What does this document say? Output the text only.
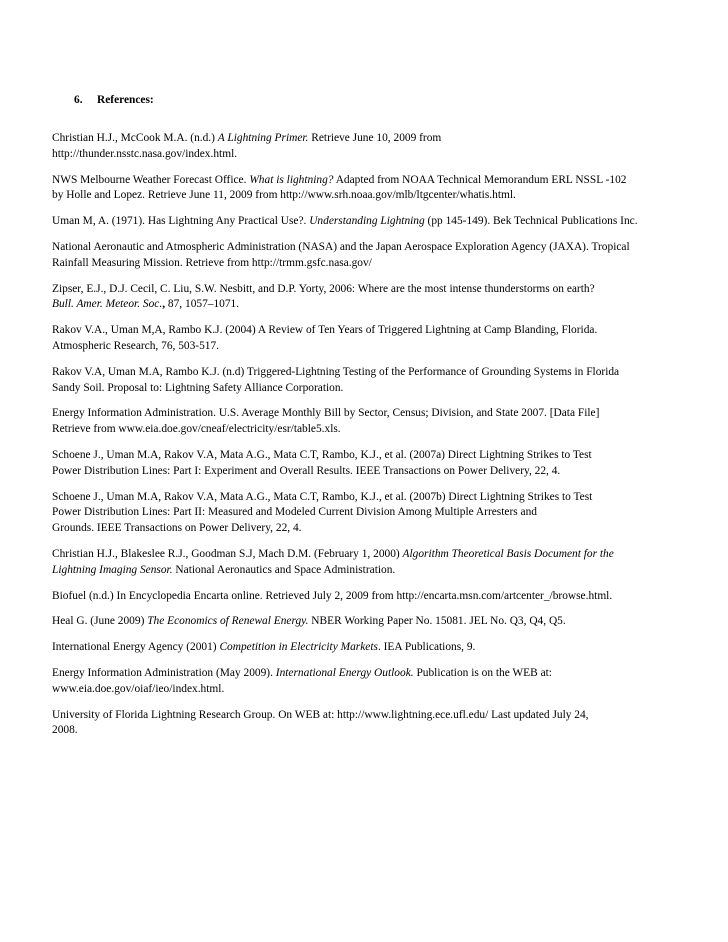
6. References:
Christian H.J., McCook M.A. (n.d.) A Lightning Primer. Retrieve June 10, 2009 from
http://thunder.nsstc.nasa.gov/index.html.
NWS Melbourne Weather Forecast Office. What is lightning? Adapted from NOAA Technical Memorandum ERL NSSL -102
by Holle and Lopez. Retrieve June 11, 2009 from http://www.srh.noaa.gov/mlb/ltgcenter/whatis.html.
Uman M, A. (1971). Has Lightning Any Practical Use?. Understanding Lightning (pp 145-149). Bek Technical Publications Inc.
National Aeronautic and Atmospheric Administration (NASA) and the Japan Aerospace Exploration Agency (JAXA). Tropical
Rainfall Measuring Mission. Retrieve from http://trmm.gsfc.nasa.gov/
Zipser, E.J., D.J. Cecil, C. Liu, S.W. Nesbitt, and D.P. Yorty, 2006: Where are the most intense thunderstorms on earth?
Bull. Amer. Meteor. Soc., 87, 1057–1071.
Rakov V.A., Uman M,A, Rambo K.J. (2004) A Review of Ten Years of Triggered Lightning at Camp Blanding, Florida.
Atmospheric Research, 76, 503-517.
Rakov V.A, Uman M.A, Rambo K.J. (n.d) Triggered-Lightning Testing of the Performance of Grounding Systems in Florida
Sandy Soil. Proposal to: Lightning Safety Alliance Corporation.
Energy Information Administration. U.S. Average Monthly Bill by Sector, Census; Division, and State 2007. [Data File]
Retrieve from www.eia.doe.gov/cneaf/electricity/esr/table5.xls.
Schoene J., Uman M.A, Rakov V.A, Mata A.G., Mata C.T, Rambo, K.J., et al. (2007a) Direct Lightning Strikes to Test
Power Distribution Lines: Part I: Experiment and Overall Results. IEEE Transactions on Power Delivery, 22, 4.
Schoene J., Uman M.A, Rakov V.A, Mata A.G., Mata C.T, Rambo, K.J., et al. (2007b) Direct Lightning Strikes to Test
Power Distribution Lines: Part II: Measured and Modeled Current Division Among Multiple Arresters and
Grounds. IEEE Transactions on Power Delivery, 22, 4.
Christian H.J., Blakeslee R.J., Goodman S.J, Mach D.M. (February 1, 2000) Algorithm Theoretical Basis Document for the
Lightning Imaging Sensor. National Aeronautics and Space Administration.
Biofuel (n.d.) In Encyclopedia Encarta online. Retrieved July 2, 2009 from http://encarta.msn.com/artcenter_/browse.html.
Heal G. (June 2009) The Economics of Renewal Energy. NBER Working Paper No. 15081. JEL No. Q3, Q4, Q5.
International Energy Agency (2001) Competition in Electricity Markets. IEA Publications, 9.
Energy Information Administration (May 2009). International Energy Outlook. Publication is on the WEB at:
www.eia.doe.gov/oiaf/ieo/index.html.
University of Florida Lightning Research Group. On WEB at: http://www.lightning.ece.ufl.edu/ Last updated July 24,
2008.
